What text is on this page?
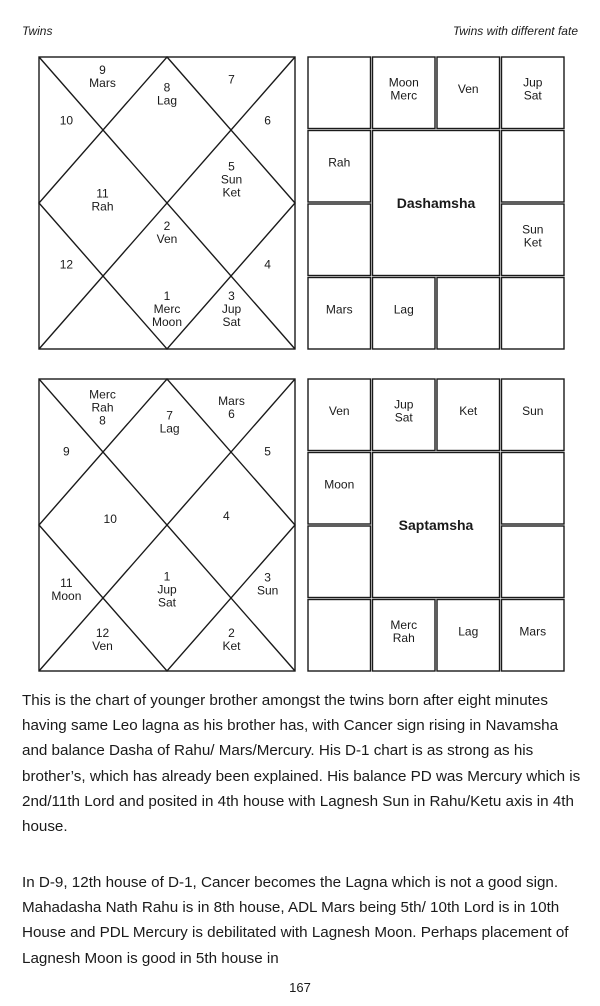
Twins	Twins with different fate
1
Merc
Moon
2
Ven
3
Jup
Sat
4
5
Sun
Ket
6
7
8
Lag
9
Mars
10
11
Rah
12
Moon
Merc	Ven	Jup
Sat
Rah
Sun
Ket
Mars	Lag
Dashamsha
1
Jup
Sat
2
Ket
3
Sun
4
5
Mars
6
7
Lag
Merc
Rah
8
9
10
11
Moon
12
Ven
Ven	Jup
Sat	Ket	Sun
Moon
Merc
Rah	Lag	Mars
Saptamsha

This is the chart of younger brother amongst the twins born after eight minutes having same Leo lagna as his brother has, with Cancer sign rising in Navamsha and balance Dasha of Rahu/ Mars/Mercury. His D-1 chart is as strong as his brother’s, which has already been explained. His balance PD was Mercury which is 2nd/11th Lord and posited in 4th house with Lagnesh Sun in Rahu/Ketu axis in 4th house.

In D-9, 12th house of D-1, Cancer becomes the Lagna which is not a good sign. Mahadasha Nath Rahu is in 8th house, ADL Mars being 5th/ 10th Lord is in 10th House and PDL Mercury is debilitated with Lagnesh Moon. Perhaps placement of Lagnesh Moon is good in 5th house in

167
